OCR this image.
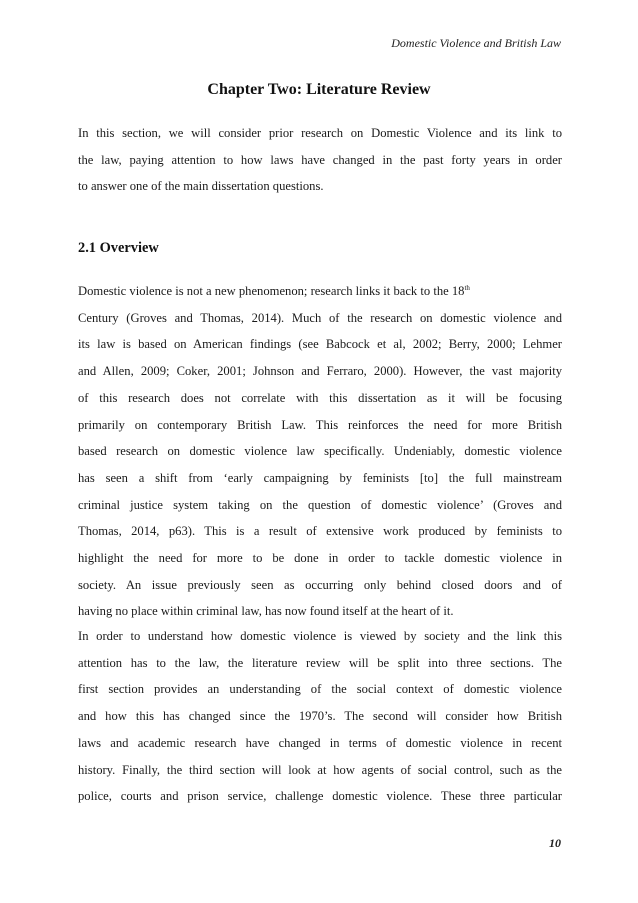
Domestic Violence and British Law
Chapter Two: Literature Review

In this section, we will consider prior research on Domestic Violence and its link to
the law, paying attention to how laws have changed in the past forty years in order
to answer one of the main dissertation questions.

2.1 Overview

Domestic violence is not a new phenomenon; research links it back to the 18th
Century (Groves and Thomas, 2014). Much of the research on domestic violence and
its law is based on American findings (see Babcock et al, 2002; Berry, 2000; Lehmer
and Allen, 2009; Coker, 2001; Johnson and Ferraro, 2000). However, the vast majority
of this research does not correlate with this dissertation as it will be focusing
primarily on contemporary British Law. This reinforces the need for more British
based research on domestic violence law specifically. Undeniably, domestic violence
has seen a shift from ‘early campaigning by feminists [to] the full mainstream
criminal justice system taking on the question of domestic violence’ (Groves and
Thomas, 2014, p63). This is a result of extensive work produced by feminists to
highlight the need for more to be done in order to tackle domestic violence in
society. An issue previously seen as occurring only behind closed doors and of
having no place within criminal law, has now found itself at the heart of it.

In order to understand how domestic violence is viewed by society and the link this
attention has to the law, the literature review will be split into three sections. The
first section provides an understanding of the social context of domestic violence
and how this has changed since the 1970’s. The second will consider how British
laws and academic research have changed in terms of domestic violence in recent
history. Finally, the third section will look at how agents of social control, such as the
police, courts and prison service, challenge domestic violence. These three particular

10
